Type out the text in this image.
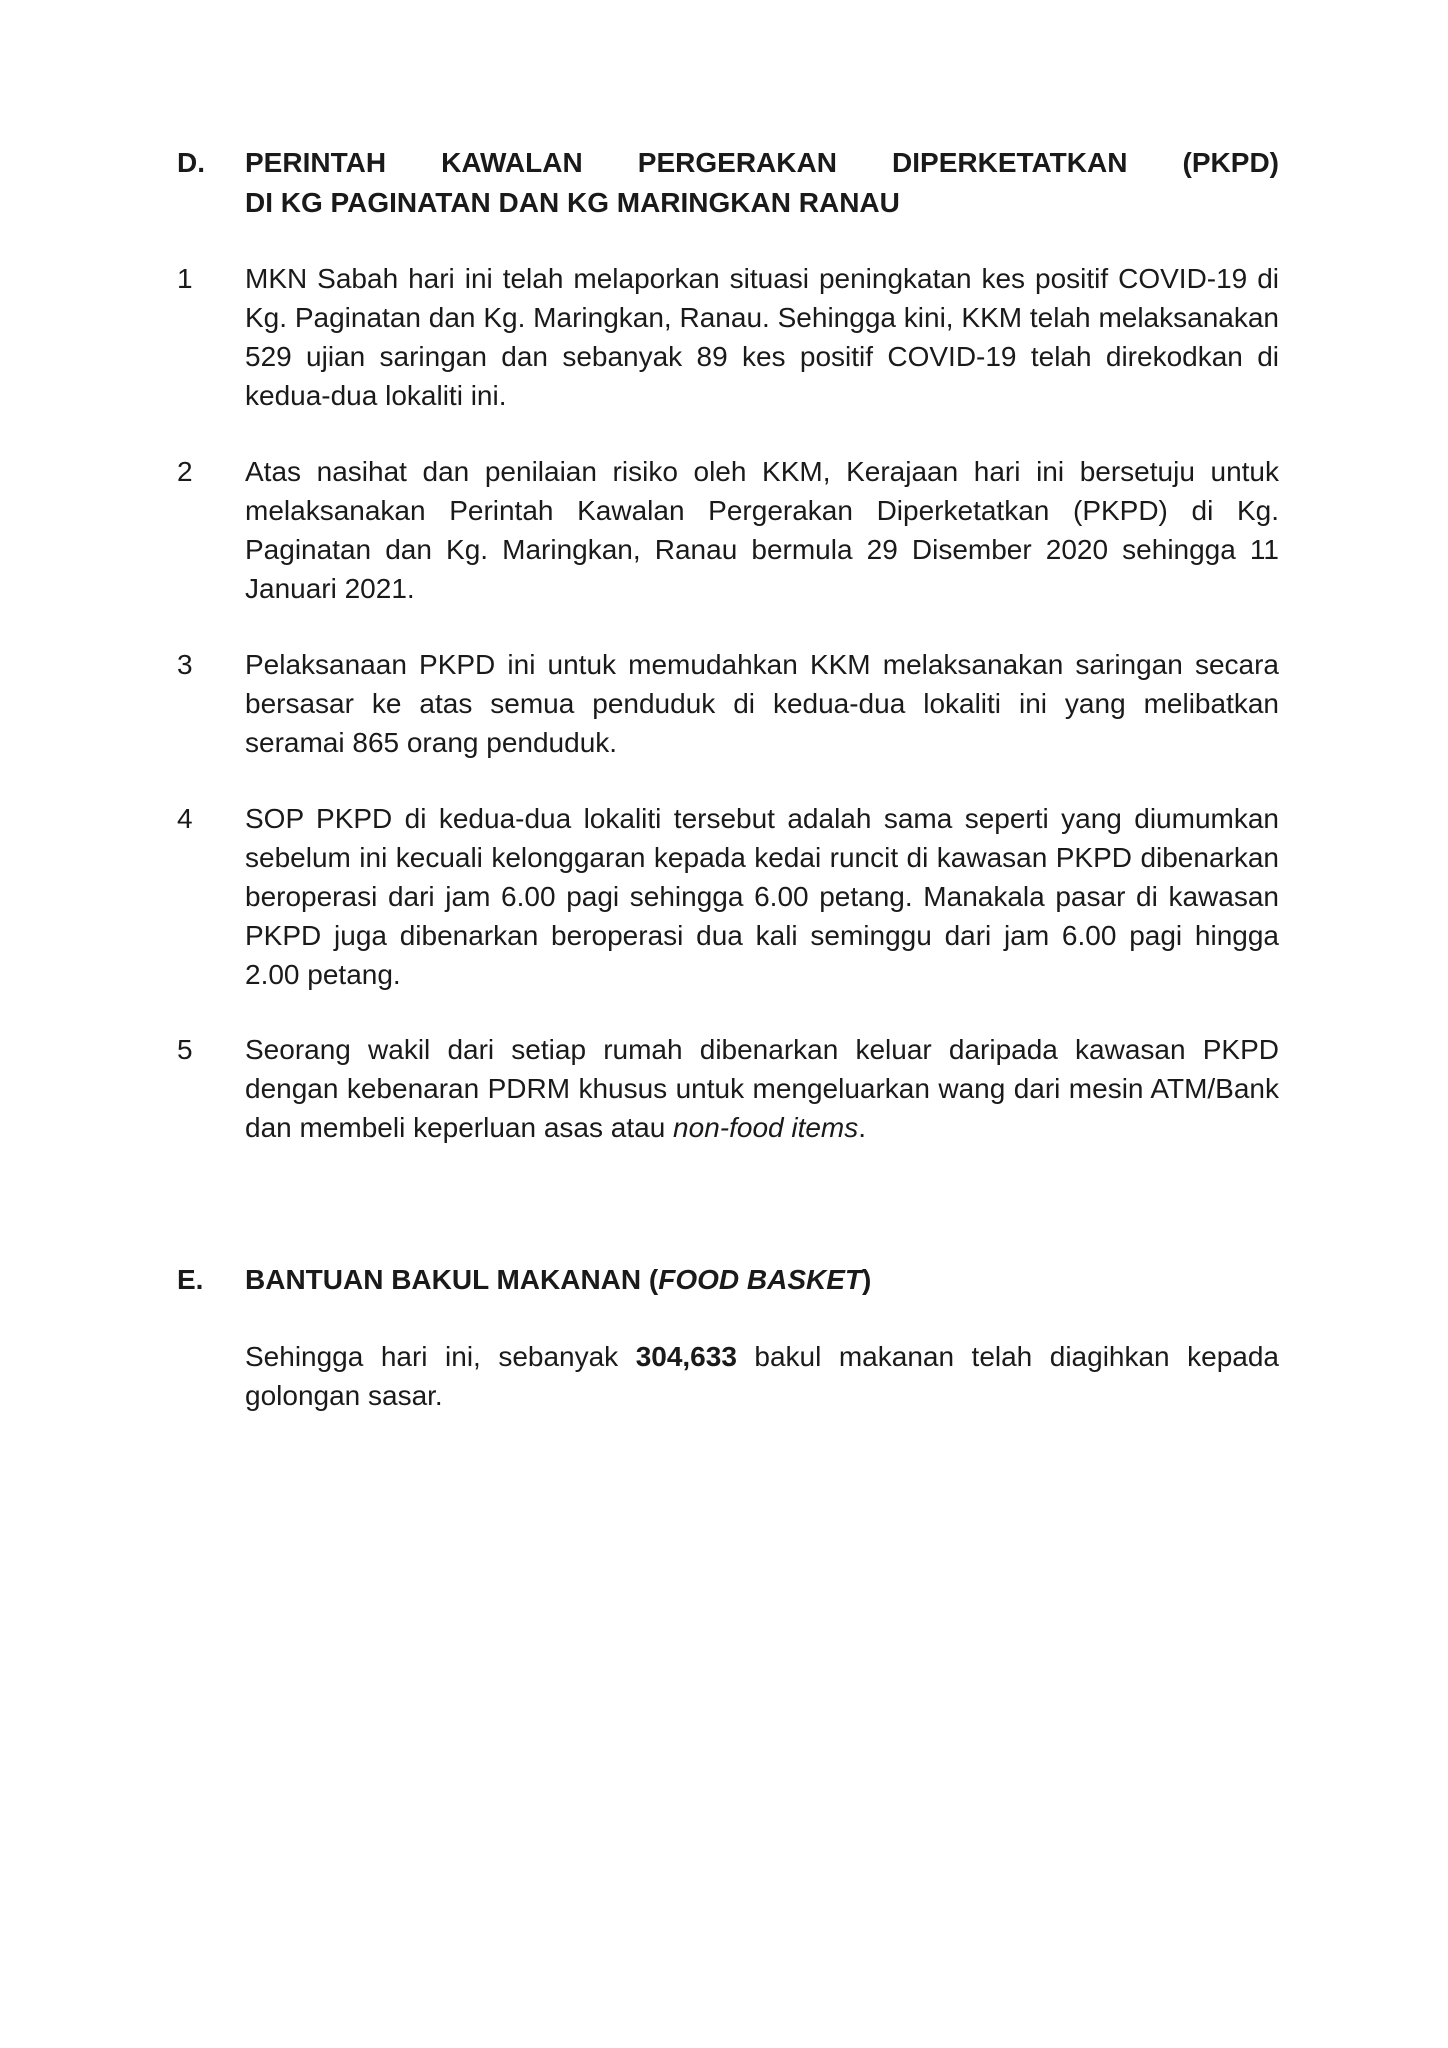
D.	PERINTAH KAWALAN PERGERAKAN DIPERKETATKAN (PKPD)
DI KG PAGINATAN DAN KG MARINGKAN RANAU
1	MKN Sabah hari ini telah melaporkan situasi peningkatan kes positif COVID-19 di Kg. Paginatan dan Kg. Maringkan, Ranau. Sehingga kini, KKM telah melaksanakan 529 ujian saringan dan sebanyak 89 kes positif COVID-19 telah direkodkan di kedua-dua lokaliti ini.
2	Atas nasihat dan penilaian risiko oleh KKM, Kerajaan hari ini bersetuju untuk melaksanakan Perintah Kawalan Pergerakan Diperketatkan (PKPD) di Kg. Paginatan dan Kg. Maringkan, Ranau bermula 29 Disember 2020 sehingga 11 Januari 2021.
3	Pelaksanaan PKPD ini untuk memudahkan KKM melaksanakan saringan secara bersasar ke atas semua penduduk di kedua-dua lokaliti ini yang melibatkan seramai 865 orang penduduk.
4	SOP PKPD di kedua-dua lokaliti tersebut adalah sama seperti yang diumumkan sebelum ini kecuali kelonggaran kepada kedai runcit di kawasan PKPD dibenarkan beroperasi dari jam 6.00 pagi sehingga 6.00 petang. Manakala pasar di kawasan PKPD juga dibenarkan beroperasi dua kali seminggu dari jam 6.00 pagi hingga 2.00 petang.
5	Seorang wakil dari setiap rumah dibenarkan keluar daripada kawasan PKPD dengan kebenaran PDRM khusus untuk mengeluarkan wang dari mesin ATM/Bank dan membeli keperluan asas atau non-food items.
E.	BANTUAN BAKUL MAKANAN (FOOD BASKET)
Sehingga hari ini, sebanyak 304,633 bakul makanan telah diagihkan kepada golongan sasar.
